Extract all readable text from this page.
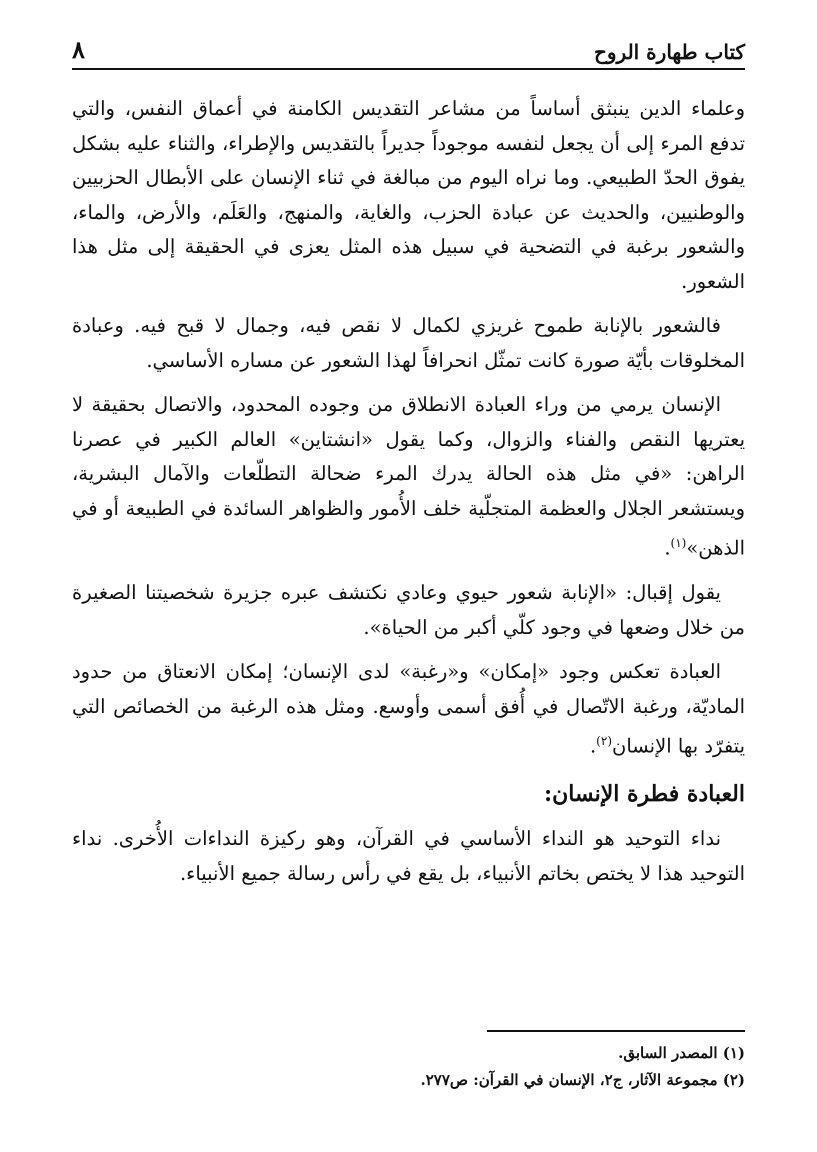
كتاب طهارة الروح
٨

وعلماء الدين ينبثق أساساً من مشاعر التقديس الكامنة في أعماق النفس، والتي تدفع المرء إلى أن يجعل لنفسه موجوداً جديراً بالتقديس والإطراء، والثناء عليه بشكل يفوق الحدّ الطبيعي. وما نراه اليوم من مبالغة في ثناء الإنسان على الأبطال الحزبيين والوطنيين، والحديث عن عبادة الحزب، والغاية، والمنهج، والعَلَم، والأرض، والماء، والشعور برغبة في التضحية في سبيل هذه المثل يعزى في الحقيقة إلى مثل هذا الشعور.

فالشعور بالإنابة طموح غريزي لكمال لا نقص فيه، وجمال لا قبح فيه. وعبادة المخلوقات بأيّة صورة كانت تمثّل انحرافاً لهذا الشعور عن مساره الأساسي.

الإنسان يرمي من وراء العبادة الانطلاق من وجوده المحدود، والاتصال بحقيقة لا يعتريها النقص والفناء والزوال، وكما يقول «انشتاين» العالم الكبير في عصرنا الراهن: «في مثل هذه الحالة يدرك المرء ضحالة التطلّعات والآمال البشرية، ويستشعر الجلال والعظمة المتجلّية خلف الأُمور والظواهر السائدة في الطبيعة أو في الذهن»$^{(١)}$.

يقول إقبال: «الإنابة شعور حيوي وعادي نكتشف عبره جزيرة شخصيتنا الصغيرة من خلال وضعها في وجود كلّي أكبر من الحياة».

العبادة تعكس وجود «إمكان» و«رغبة» لدى الإنسان؛ إمكان الانعتاق من حدود الماديّة، ورغبة الاتّصال في أُفق أسمى وأوسع. ومثل هذه الرغبة من الخصائص التي يتفرّد بها الإنسان$^{(٢)}$.

العبادة فطرة الإنسان:

نداء التوحيد هو النداء الأساسي في القرآن، وهو ركيزة النداءات الأُخرى. نداء التوحيد هذا لا يختص بخاتم الأنبياء، بل يقع في رأس رسالة جميع الأنبياء.

(١) المصدر السابق.
(٢) مجموعة الآثار، ج٢، الإنسان في القرآن: ص٢٧٧.
